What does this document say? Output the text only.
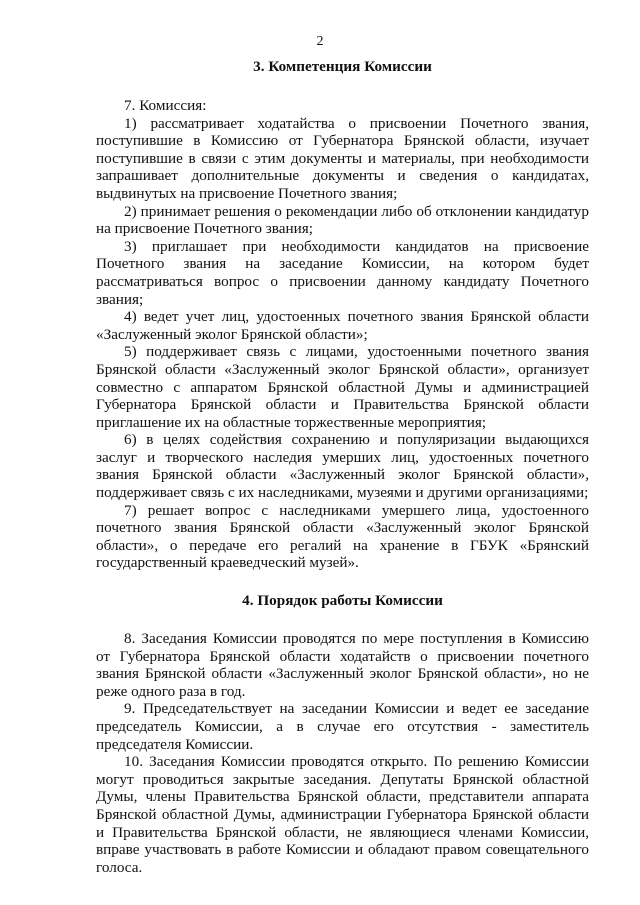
2
3. Компетенция Комиссии

7. Комиссия:

1) рассматривает ходатайства о присвоении Почетного звания, поступившие в Комиссию от Губернатора Брянской области, изучает поступившие в связи с этим документы и материалы, при необходимости запрашивает дополнительные документы и сведения о кандидатах, выдвинутых на присвоение Почетного звания;

2) принимает решения о рекомендации либо об отклонении кандидатур на присвоение Почетного звания;

3) приглашает при необходимости кандидатов на присвоение Почетного звания на заседание Комиссии, на котором будет рассматриваться вопрос о присвоении данному кандидату Почетного звания;

4) ведет учет лиц, удостоенных почетного звания Брянской области «Заслуженный эколог Брянской области»;

5) поддерживает связь с лицами, удостоенными почетного звания Брянской области «Заслуженный эколог Брянской области», организует совместно с аппаратом Брянской областной Думы и администрацией Губернатора Брянской области и Правительства Брянской области приглашение их на областные торжественные мероприятия;

6) в целях содействия сохранению и популяризации выдающихся заслуг и творческого наследия умерших лиц, удостоенных почетного звания Брянской области «Заслуженный эколог Брянской области», поддерживает связь с их наследниками, музеями и другими организациями;

7) решает вопрос с наследниками умершего лица, удостоенного почетного звания Брянской области «Заслуженный эколог Брянской области», о передаче его регалий на хранение в ГБУК «Брянский государственный краеведческий музей».

4. Порядок работы Комиссии

8. Заседания Комиссии проводятся по мере поступления в Комиссию от Губернатора Брянской области ходатайств о присвоении почетного звания Брянской области «Заслуженный эколог Брянской области», но не реже одного раза в год.

9. Председательствует на заседании Комиссии и ведет ее заседание председатель Комиссии, а в случае его отсутствия - заместитель председателя Комиссии.

10. Заседания Комиссии проводятся открыто. По решению Комиссии могут проводиться закрытые заседания. Депутаты Брянской областной Думы, члены Правительства Брянской области, представители аппарата Брянской областной Думы, администрации Губернатора Брянской области и Правительства Брянской области, не являющиеся членами Комиссии, вправе участвовать в работе Комиссии и обладают правом совещательного голоса.
